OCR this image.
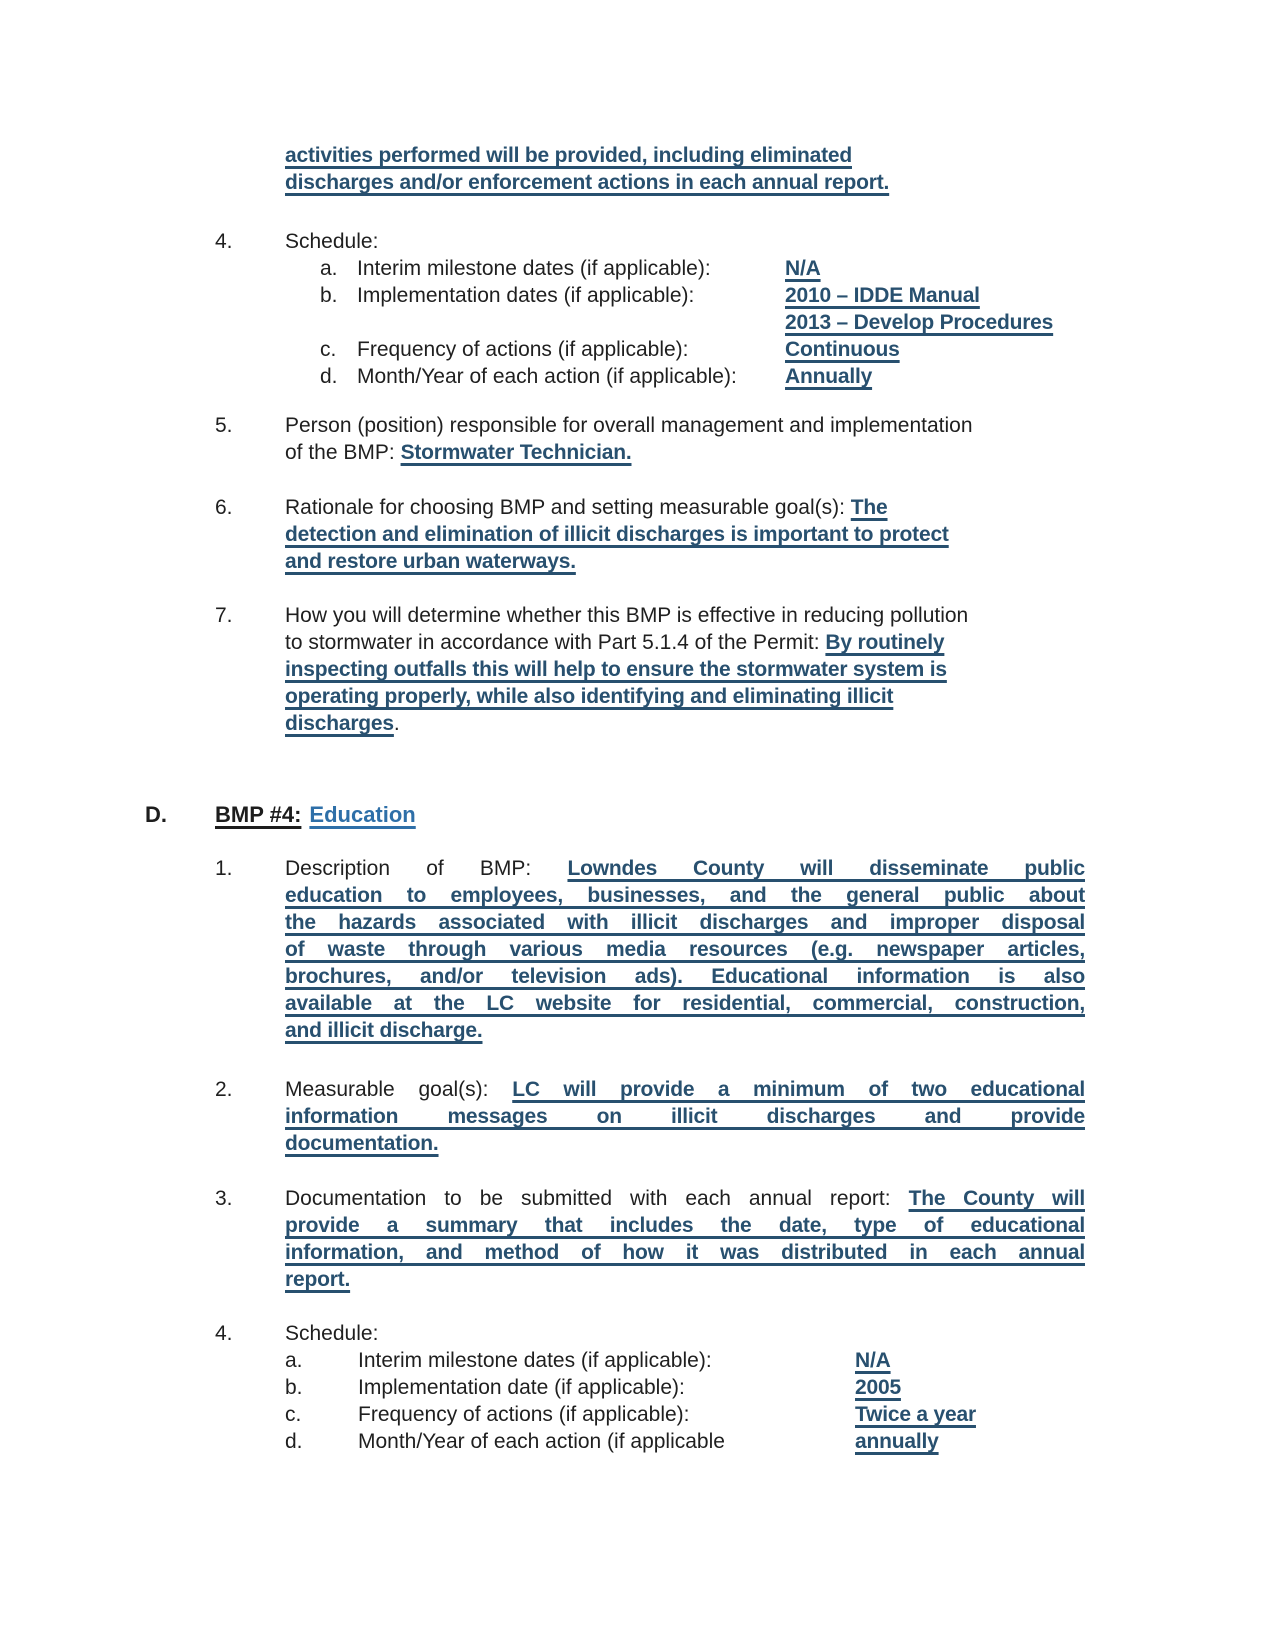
activities performed will be provided, including eliminated
discharges and/or enforcement actions in each annual report.
4.	Schedule:
a. Interim milestone dates (if applicable):	N/A
b. Implementation dates (if applicable):	2010 – IDDE Manual
2013 – Develop Procedures
c. Frequency of actions (if applicable):	Continuous
d. Month/Year of each action (if applicable):	Annually
5.	Person (position) responsible for overall management and implementation
of the BMP: Stormwater Technician.
6.	Rationale for choosing BMP and setting measurable goal(s): The
detection and elimination of illicit discharges is important to protect
and restore urban waterways.
7.	How you will determine whether this BMP is effective in reducing pollution
to stormwater in accordance with Part 5.1.4 of the Permit: By routinely
inspecting outfalls this will help to ensure the stormwater system is
operating properly, while also identifying and eliminating illicit
discharges.
D.	BMP #4: Education
1.	Description of BMP: Lowndes County will disseminate public
education to employees, businesses, and the general public about
the hazards associated with illicit discharges and improper disposal
of waste through various media resources (e.g. newspaper articles,
brochures, and/or television ads). Educational information is also
available at the LC website for residential, commercial, construction,
and illicit discharge.
2.	Measurable goal(s): LC will provide a minimum of two educational
information messages on illicit discharges and provide
documentation.
3.	Documentation to be submitted with each annual report: The County will
provide a summary that includes the date, type of educational
information, and method of how it was distributed in each annual
report.
4.	Schedule:
a.	Interim milestone dates (if applicable):	N/A
b.	Implementation date (if applicable):	2005
c.	Frequency of actions (if applicable):	Twice a year
d.	Month/Year of each action (if applicable	annually
